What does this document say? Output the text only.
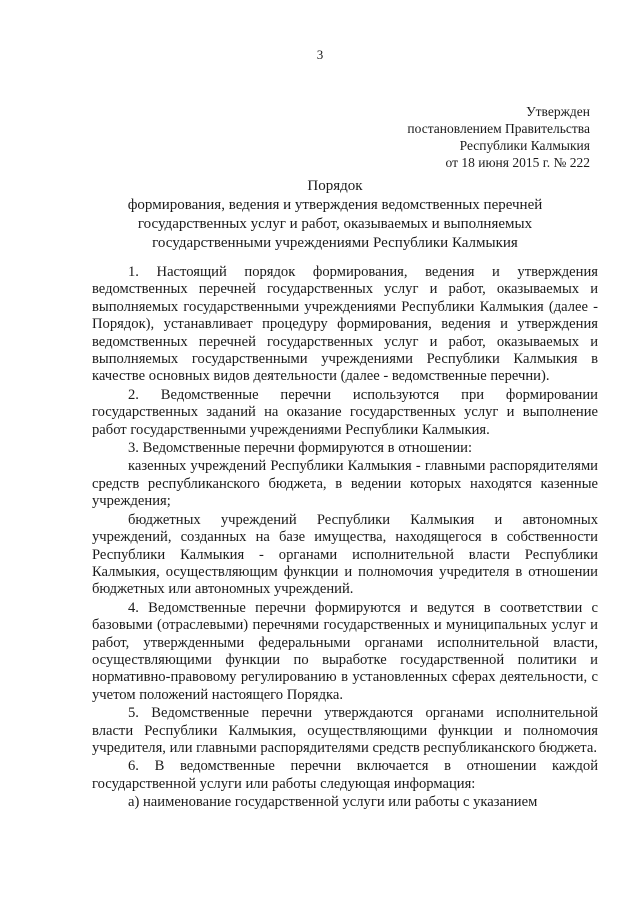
3
Утвержден
постановлением Правительства
Республики Калмыкия
от 18 июня 2015 г. № 222
Порядок
формирования, ведения и утверждения ведомственных перечней
государственных услуг и работ, оказываемых и выполняемых
государственными учреждениями Республики Калмыкия

1. Настоящий порядок формирования, ведения и утверждения ведомственных перечней государственных услуг и работ, оказываемых и выполняемых государственными учреждениями Республики Калмыкия (далее - Порядок), устанавливает процедуру формирования, ведения и утверждения ведомственных перечней государственных услуг и работ, оказываемых и выполняемых государственными учреждениями Республики Калмыкия в качестве основных видов деятельности (далее - ведомственные перечни).

2. Ведомственные перечни используются при формировании государственных заданий на оказание государственных услуг и выполнение работ государственными учреждениями Республики Калмыкия.

3. Ведомственные перечни формируются в отношении:

казенных учреждений Республики Калмыкия - главными распорядителями средств республиканского бюджета, в ведении которых находятся казенные учреждения;

бюджетных учреждений Республики Калмыкия и автономных учреждений, созданных на базе имущества, находящегося в собственности Республики Калмыкия - органами исполнительной власти Республики Калмыкия, осуществляющим функции и полномочия учредителя в отношении бюджетных или автономных учреждений.

4. Ведомственные перечни формируются и ведутся в соответствии с базовыми (отраслевыми) перечнями государственных и муниципальных услуг и работ, утвержденными федеральными органами исполнительной власти, осуществляющими функции по выработке государственной политики и нормативно-правовому регулированию в установленных сферах деятельности, с учетом положений настоящего Порядка.

5. Ведомственные перечни утверждаются органами исполнительной власти Республики Калмыкия, осуществляющими функции и полномочия учредителя, или главными распорядителями средств республиканского бюджета.

6. В ведомственные перечни включается в отношении каждой государственной услуги или работы следующая информация:

а) наименование государственной услуги или работы с указанием
